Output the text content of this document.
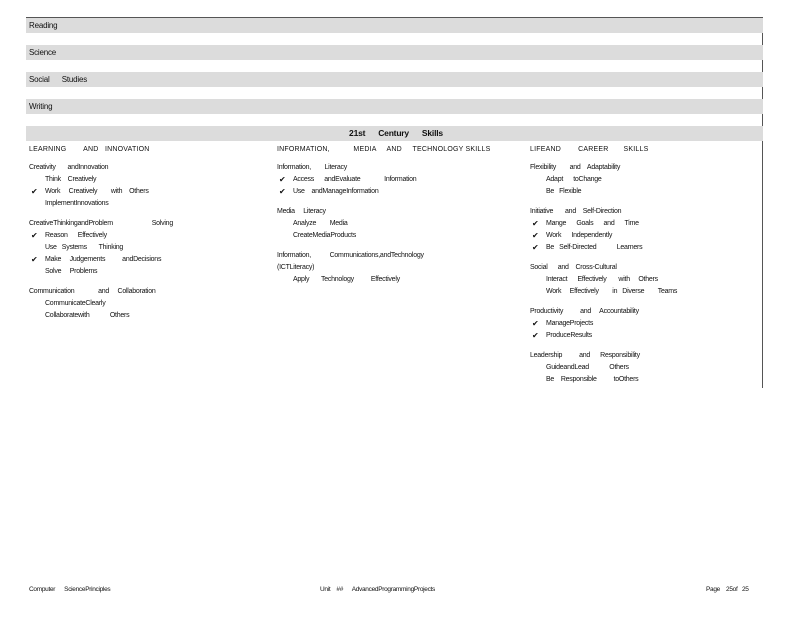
Reading
Science
Social      Studies
Writing
21st      Century      Skills
LEARNING        AND   INNOVATION
Creativity       andInnovation
Think    Creatively
✔ Work     Creatively        with    Others
ImplementInnovations
CreativeThinkingandProblem                       Solving
✔ Reason      Effectively
Use   Systems       Thinking
✔ Make     Judgements          andDecisions
Solve     Problems
Communication              and     Collaboration
CommunicateClearly
Collaboratewith            Others
INFORMATION,           MEDIA     AND     TECHNOLOGY SKILLS
Information,        Literacy
✔ Access      andEvaluate              Information
✔ Use    andManageInformation
Media     Literacy
Analyze        Media
CreateMediaProducts
Information,           Communications,andTechnology
(ICTLiteracy)
Apply       Technology          Effectively
LIFEAND        CAREER       SKILLS
Flexibility        and    Adaptability
Adapt      toChange
Be   Flexible
Initiative       and    Self-Direction
✔ Mange      Goals      and      Time
✔ Work      Independently
✔ Be   Self-Directed            Learners
Social      and    Cross-Cultural
Interact      Effectively       with     Others
Work     Effectively        in   Diverse        Teams
Productivity          and     Accountability
✔ ManageProjects
✔ ProduceResults
Leadership          and      Responsibility
GuideandLead            Others
Be    Responsible          toOthers
Computer      SciencePrinciples	Unit    ##      AdvancedProgrammingProjects	Page    25of   25
